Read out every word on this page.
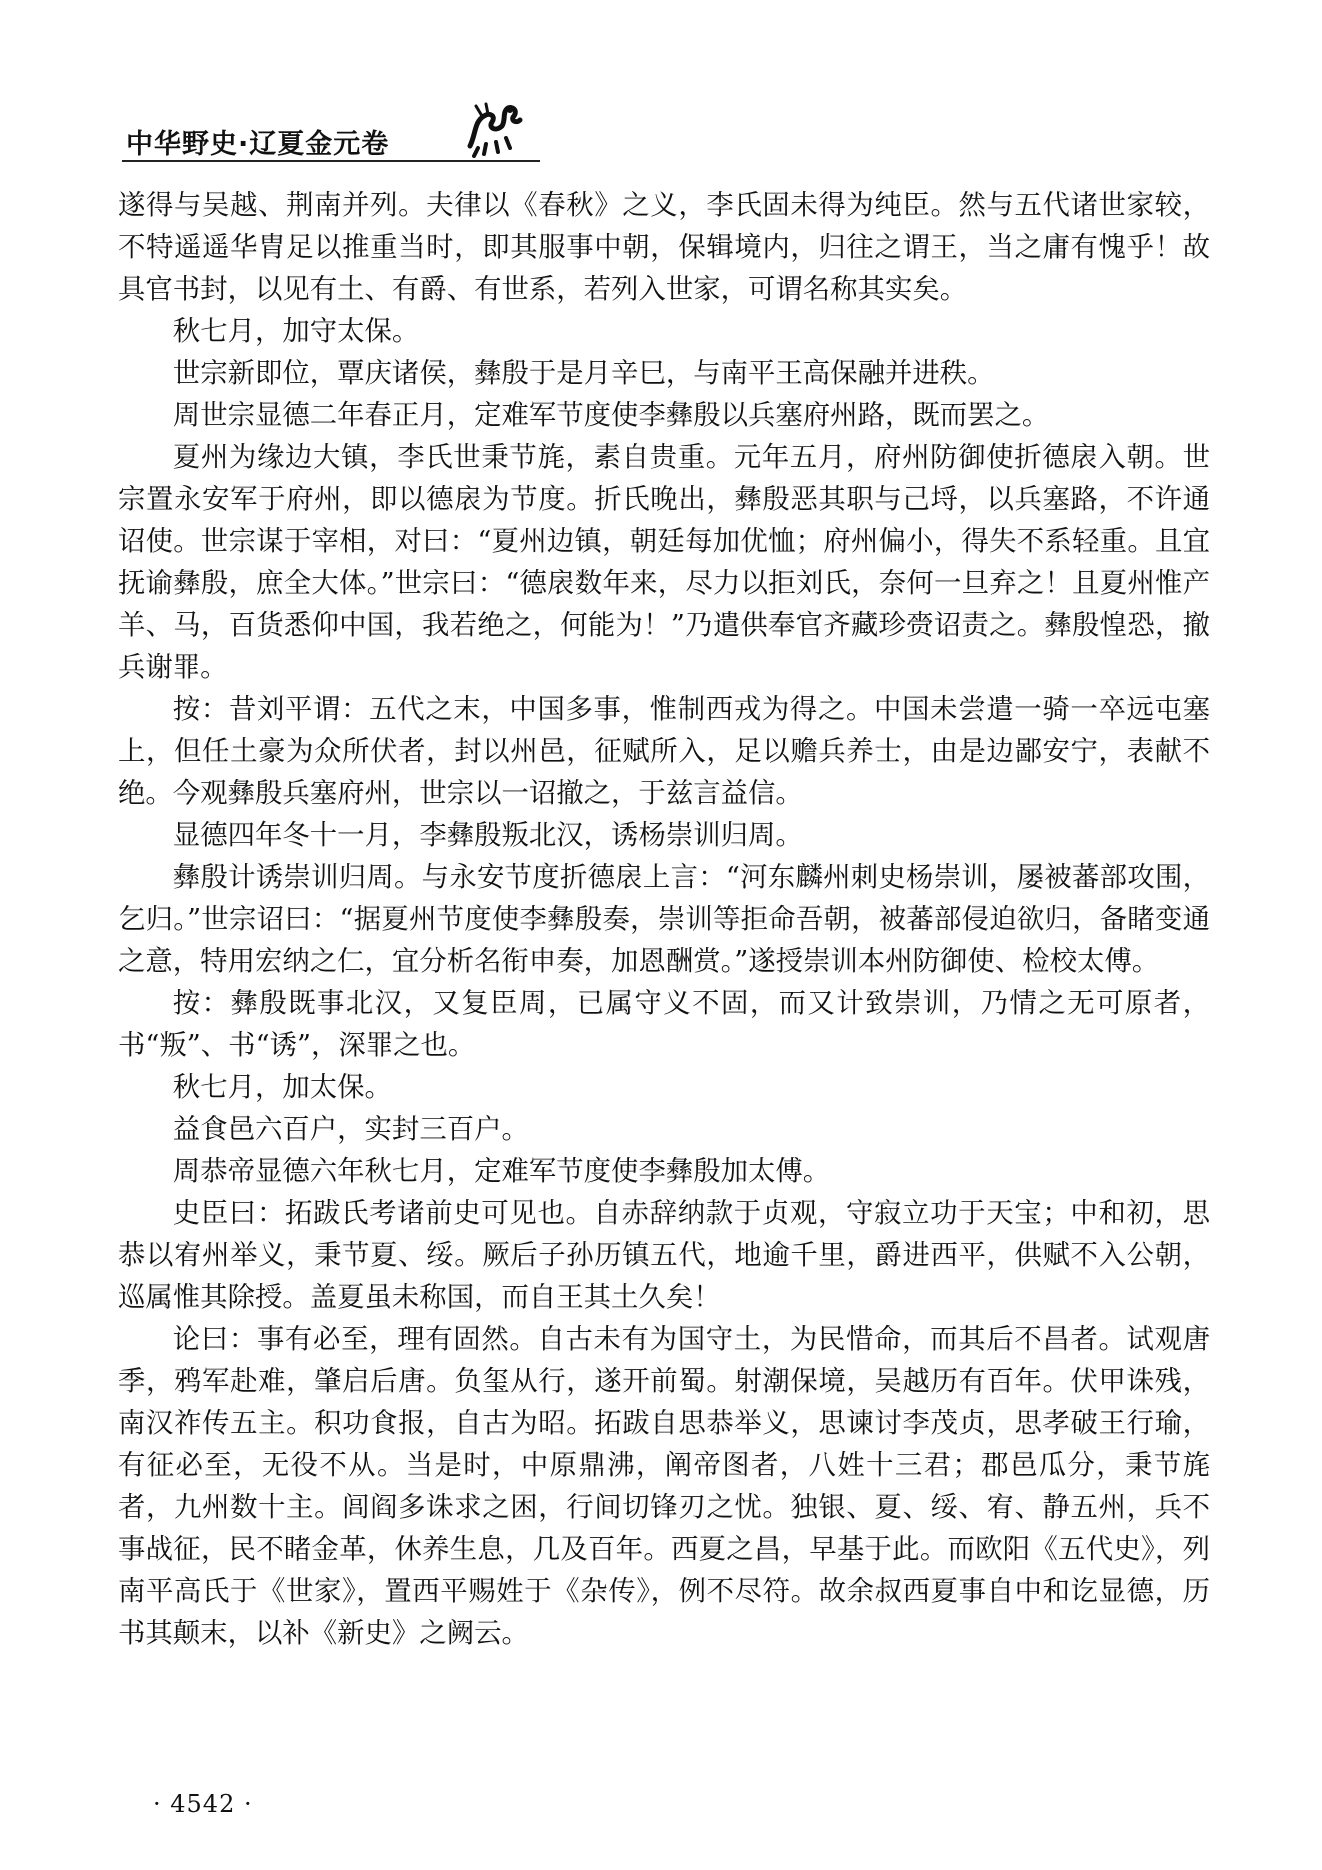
中华野史·辽夏金元卷

遂得与吴越、荆南并列。夫律以《春秋》之义，李氏固未得为纯臣。然与五代诸世家较，不特遥遥华胄足以推重当时，即其服事中朝，保辑境内，归往之谓王，当之庸有愧乎！故具官书封，以见有土、有爵、有世系，若列入世家，可谓名称其实矣。

秋七月，加守太保。

世宗新即位，覃庆诸侯，彝殷于是月辛巳，与南平王高保融并进秩。

周世宗显德二年春正月，定难军节度使李彝殷以兵塞府州路，既而罢之。

夏州为缘边大镇，李氏世秉节旄，素自贵重。元年五月，府州防御使折德扆入朝。世宗置永安军于府州，即以德扆为节度。折氏晚出，彝殷恶其职与己埒，以兵塞路，不许通诏使。世宗谋于宰相，对曰：“夏州边镇，朝廷每加优恤；府州偏小，得失不系轻重。且宜抚谕彝殷，庶全大体。”世宗曰：“德扆数年来，尽力以拒刘氏，奈何一旦弃之！且夏州惟产羊、马，百货悉仰中国，我若绝之，何能为！”乃遣供奉官齐藏珍赍诏责之。彝殷惶恐，撤兵谢罪。

按：昔刘平谓：五代之末，中国多事，惟制西戎为得之。中国未尝遣一骑一卒远屯塞上，但任土豪为众所伏者，封以州邑，征赋所入，足以赡兵养士，由是边鄙安宁，表献不绝。今观彝殷兵塞府州，世宗以一诏撤之，于兹言益信。

显德四年冬十一月，李彝殷叛北汉，诱杨崇训归周。

彝殷计诱崇训归周。与永安节度折德扆上言：“河东麟州刺史杨崇训，屡被蕃部攻围，乞归。”世宗诏曰：“据夏州节度使李彝殷奏，崇训等拒命吾朝，被蕃部侵迫欲归，备睹变通之意，特用宏纳之仁，宜分析名衔申奏，加恩酬赏。”遂授崇训本州防御使、检校太傅。

按：彝殷既事北汉，又复臣周，已属守义不固，而又计致崇训，乃情之无可原者，书“叛”、书“诱”，深罪之也。

秋七月，加太保。

益食邑六百户，实封三百户。

周恭帝显德六年秋七月，定难军节度使李彝殷加太傅。

史臣曰：拓跋氏考诸前史可见也。自赤辞纳款于贞观，守寂立功于天宝；中和初，思恭以宥州举义，秉节夏、绥。厥后子孙历镇五代，地逾千里，爵进西平，供赋不入公朝，巡属惟其除授。盖夏虽未称国，而自王其土久矣！

论曰：事有必至，理有固然。自古未有为国守土，为民惜命，而其后不昌者。试观唐季，鸦军赴难，肇启后唐。负玺从行，遂开前蜀。射潮保境，吴越历有百年。伏甲诛残，南汉祚传五主。积功食报，自古为昭。拓跋自思恭举义，思谏讨李茂贞，思孝破王行瑜，有征必至，无役不从。当是时，中原鼎沸，阐帝图者，八姓十三君；郡邑瓜分，秉节旄者，九州数十主。闾阎多诛求之困，行间切锋刃之忧。独银、夏、绥、宥、静五州，兵不事战征，民不睹金革，休养生息，几及百年。西夏之昌，早基于此。而欧阳《五代史》，列南平高氏于《世家》，置西平赐姓于《杂传》，例不尽符。故余叔西夏事自中和讫显德，历书其颠末，以补《新史》之阙云。

· 4542 ·
